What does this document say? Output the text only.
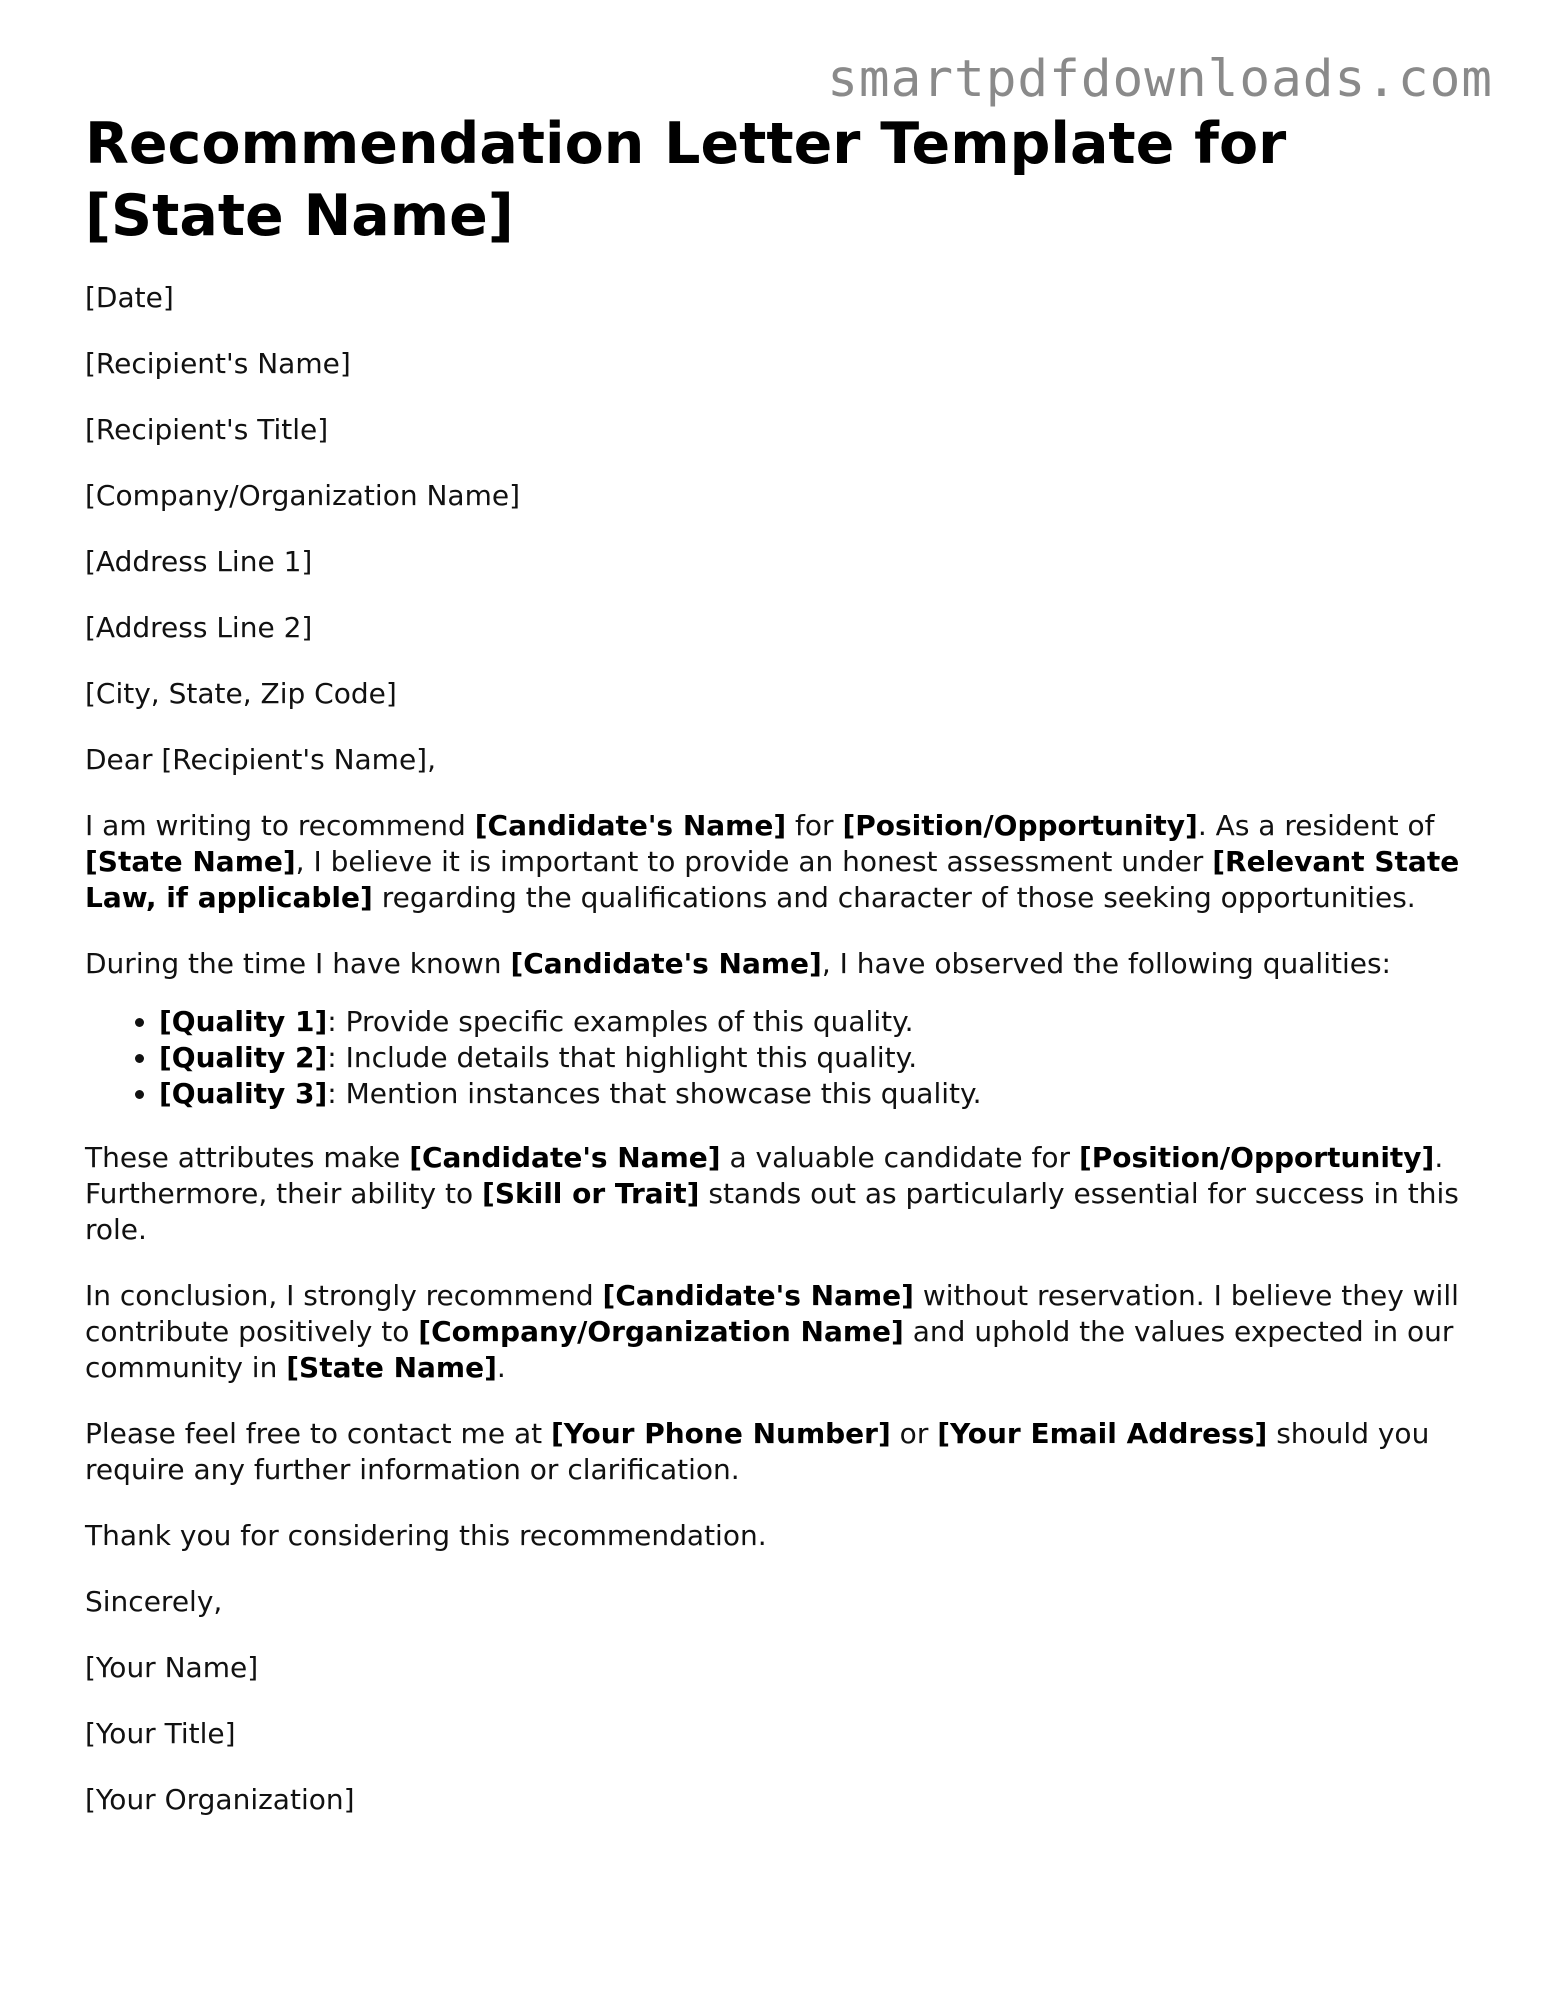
smartpdfdownloads.com
Recommendation Letter Template for [State Name]

[Date]

[Recipient's Name]

[Recipient's Title]

[Company/Organization Name]

[Address Line 1]

[Address Line 2]

[City, State, Zip Code]

Dear [Recipient's Name],

I am writing to recommend [Candidate's Name] for [Position/Opportunity]. As a resident of [State Name], I believe it is important to provide an honest assessment under [Relevant State Law, if applicable] regarding the qualifications and character of those seeking opportunities.

During the time I have known [Candidate's Name], I have observed the following qualities:

• [Quality 1]: Provide specific examples of this quality.
• [Quality 2]: Include details that highlight this quality.
• [Quality 3]: Mention instances that showcase this quality.

These attributes make [Candidate's Name] a valuable candidate for [Position/Opportunity]. Furthermore, their ability to [Skill or Trait] stands out as particularly essential for success in this role.

In conclusion, I strongly recommend [Candidate's Name] without reservation. I believe they will contribute positively to [Company/Organization Name] and uphold the values expected in our community in [State Name].

Please feel free to contact me at [Your Phone Number] or [Your Email Address] should you require any further information or clarification.

Thank you for considering this recommendation.

Sincerely,

[Your Name]

[Your Title]

[Your Organization]
